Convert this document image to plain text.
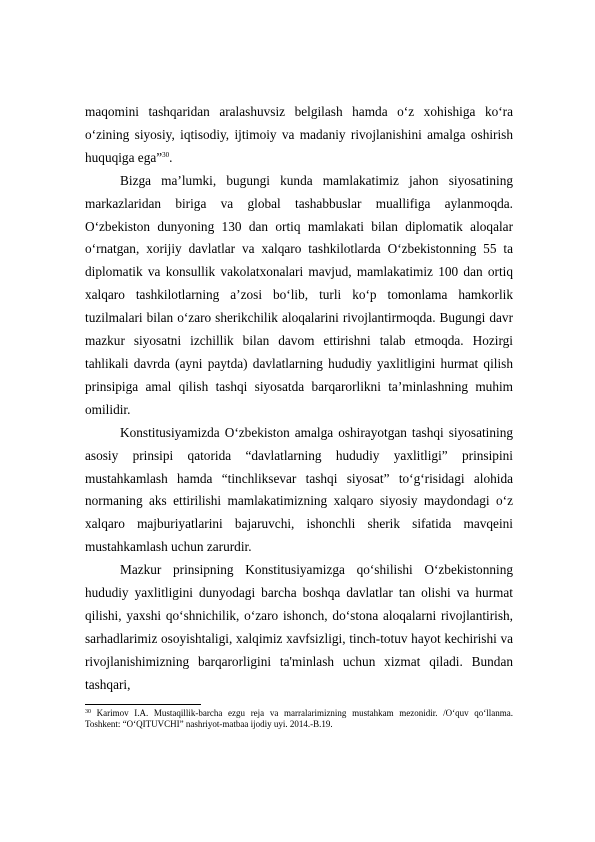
maqomini tashqaridan aralashuvsiz belgilash hamda o‘z xohishiga ko‘ra o‘zining siyosiy, iqtisodiy, ijtimoiy va madaniy rivojlanishini amalga oshirish huquqiga ega”$^{30}$.

Bizga ma’lumki, bugungi kunda mamlakatimiz jahon siyosatining markazlaridan biriga va global tashabbuslar muallifiga aylanmoqda. O‘zbekiston dunyoning 130 dan ortiq mamlakati bilan diplomatik aloqalar o‘rnatgan, xorijiy davlatlar va xalqaro tashkilotlarda O‘zbekistonning 55 ta diplomatik va konsullik vakolatxonalari mavjud, mamlakatimiz 100 dan ortiq xalqaro tashkilotlarning a’zosi bo‘lib, turli ko‘p tomonlama hamkorlik tuzilmalari bilan o‘zaro sherikchilik aloqalarini rivojlantirmoqda. Bugungi davr mazkur siyosatni izchillik bilan davom ettirishni talab etmoqda. Hozirgi tahlikali davrda (ayni paytda) davlatlarning hududiy yaxlitligini hurmat qilish prinsipiga amal qilish tashqi siyosatda barqarorlikni ta’minlashning muhim omilidir.

Konstitusiyamizda O‘zbekiston amalga oshirayotgan tashqi siyosatining asosiy prinsipi qatorida “davlatlarning hududiy yaxlitligi” prinsipini mustahkamlash hamda “tinchliksevar tashqi siyosat” to‘g‘risidagi alohida normaning aks ettirilishi mamlakatimizning xalqaro siyosiy maydondagi o‘z xalqaro majburiyatlarini bajaruvchi, ishonchli sherik sifatida mavqeini mustahkamlash uchun zarurdir.

Mazkur prinsipning Konstitusiyamizga qo‘shilishi O‘zbekistonning hududiy yaxlitligini dunyodagi barcha boshqa davlatlar tan olishi va hurmat qilishi, yaxshi qo‘shnichilik, o‘zaro ishonch, do‘stona aloqalarni rivojlantirish, sarhadlarimiz osoyishtaligi, xalqimiz xavfsizligi, tinch-totuv hayot kechirishi va rivojlanishimizning barqarorligini ta'minlash uchun xizmat qiladi. Bundan tashqari,

$^{30}$ Karimov I.A. Mustaqillik-barcha ezgu reja va marralarimizning mustahkam mezonidir. /O‘quv qo‘llanma. Toshkent: “O‘QITUVCHI” nashriyot-matbaa ijodiy uyi. 2014.-B.19.
